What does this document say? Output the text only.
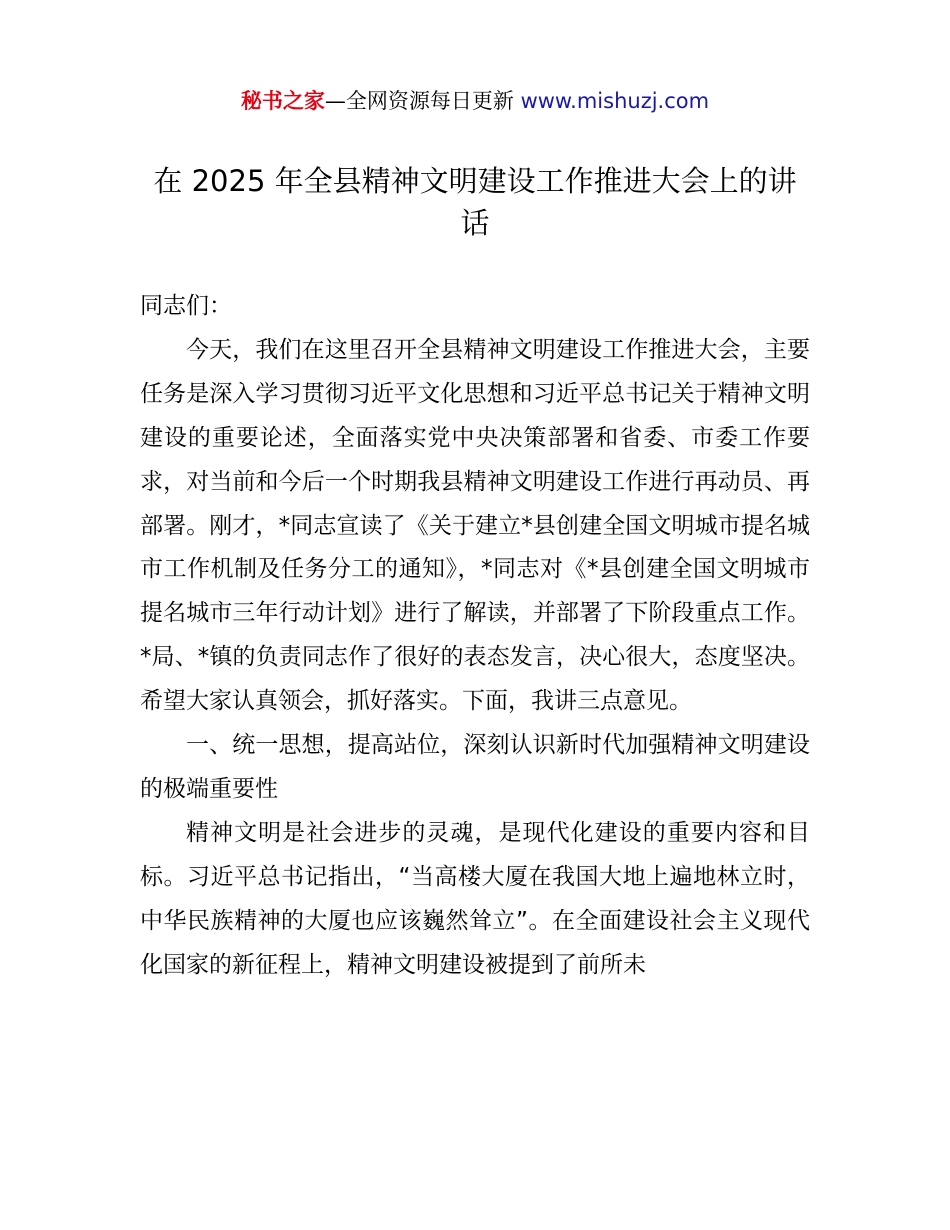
秘书之家—全网资源每日更新 www.mishuzj.com
在 2025 年全县精神文明建设工作推进大会上的讲话

同志们：

今天，我们在这里召开全县精神文明建设工作推进大会，主要任务是深入学习贯彻习近平文化思想和习近平总书记关于精神文明建设的重要论述，全面落实党中央决策部署和省委、市委工作要求，对当前和今后一个时期我县精神文明建设工作进行再动员、再部署。刚才，*同志宣读了《关于建立*县创建全国文明城市提名城市工作机制及任务分工的通知》，*同志对《*县创建全国文明城市提名城市三年行动计划》进行了解读，并部署了下阶段重点工作。*局、*镇的负责同志作了很好的表态发言，决心很大，态度坚决。希望大家认真领会，抓好落实。下面，我讲三点意见。

一、统一思想，提高站位，深刻认识新时代加强精神文明建设的极端重要性

精神文明是社会进步的灵魂，是现代化建设的重要内容和目标。习近平总书记指出，“当高楼大厦在我国大地上遍地林立时，中华民族精神的大厦也应该巍然耸立”。在全面建设社会主义现代化国家的新征程上，精神文明建设被提到了前所未
